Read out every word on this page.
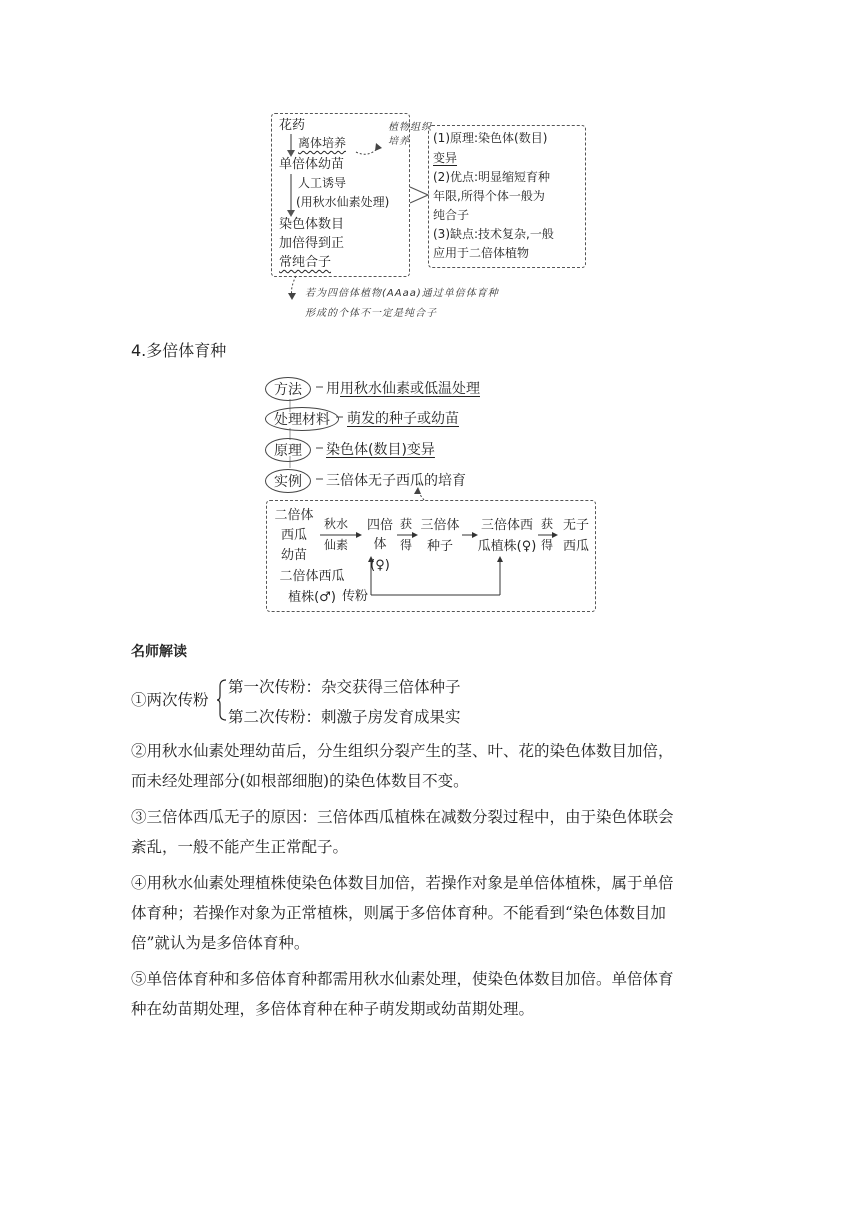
花药
离体培养
单倍体幼苗
人工诱导
(用秋水仙素处理)
染色体数目
加倍得到正
常纯合子
植物组织培养	(1)原理:染色体(数目)
变异
(2)优点:明显缩短育种
年限,所得个体一般为
纯合子
(3)缺点:技术复杂,一般
应用于二倍体植物
若为四倍体植物(AAaa)通过单倍体育种
形成的个体不一定是纯合子
4.多倍体育种
方法	用用秋水仙素或低温处理
处理材料	萌发的种子或幼苗
原理	染色体(数目)变异
实例	三倍体无子西瓜的培育
二倍体
西瓜
幼苗
秋水
仙素
四倍体
(♀)
获
得
三倍体
种子
三倍体西
瓜植株(♀)
获
得
无子
西瓜
二倍体西瓜
植株(♂) 传粉
名师解读
①两次传粉
第一次传粉：杂交获得三倍体种子
第二次传粉：刺激子房发育成果实
②用秋水仙素处理幼苗后，分生组织分裂产生的茎、叶、花的染色体数目加倍，
而未经处理部分(如根部细胞)的染色体数目不变。
③三倍体西瓜无子的原因：三倍体西瓜植株在减数分裂过程中，由于染色体联会
紊乱，一般不能产生正常配子。
④用秋水仙素处理植株使染色体数目加倍，若操作对象是单倍体植株，属于单倍
体育种；若操作对象为正常植株，则属于多倍体育种。不能看到“染色体数目加
倍”就认为是多倍体育种。
⑤单倍体育种和多倍体育种都需用秋水仙素处理，使染色体数目加倍。单倍体育
种在幼苗期处理，多倍体育种在种子萌发期或幼苗期处理。
